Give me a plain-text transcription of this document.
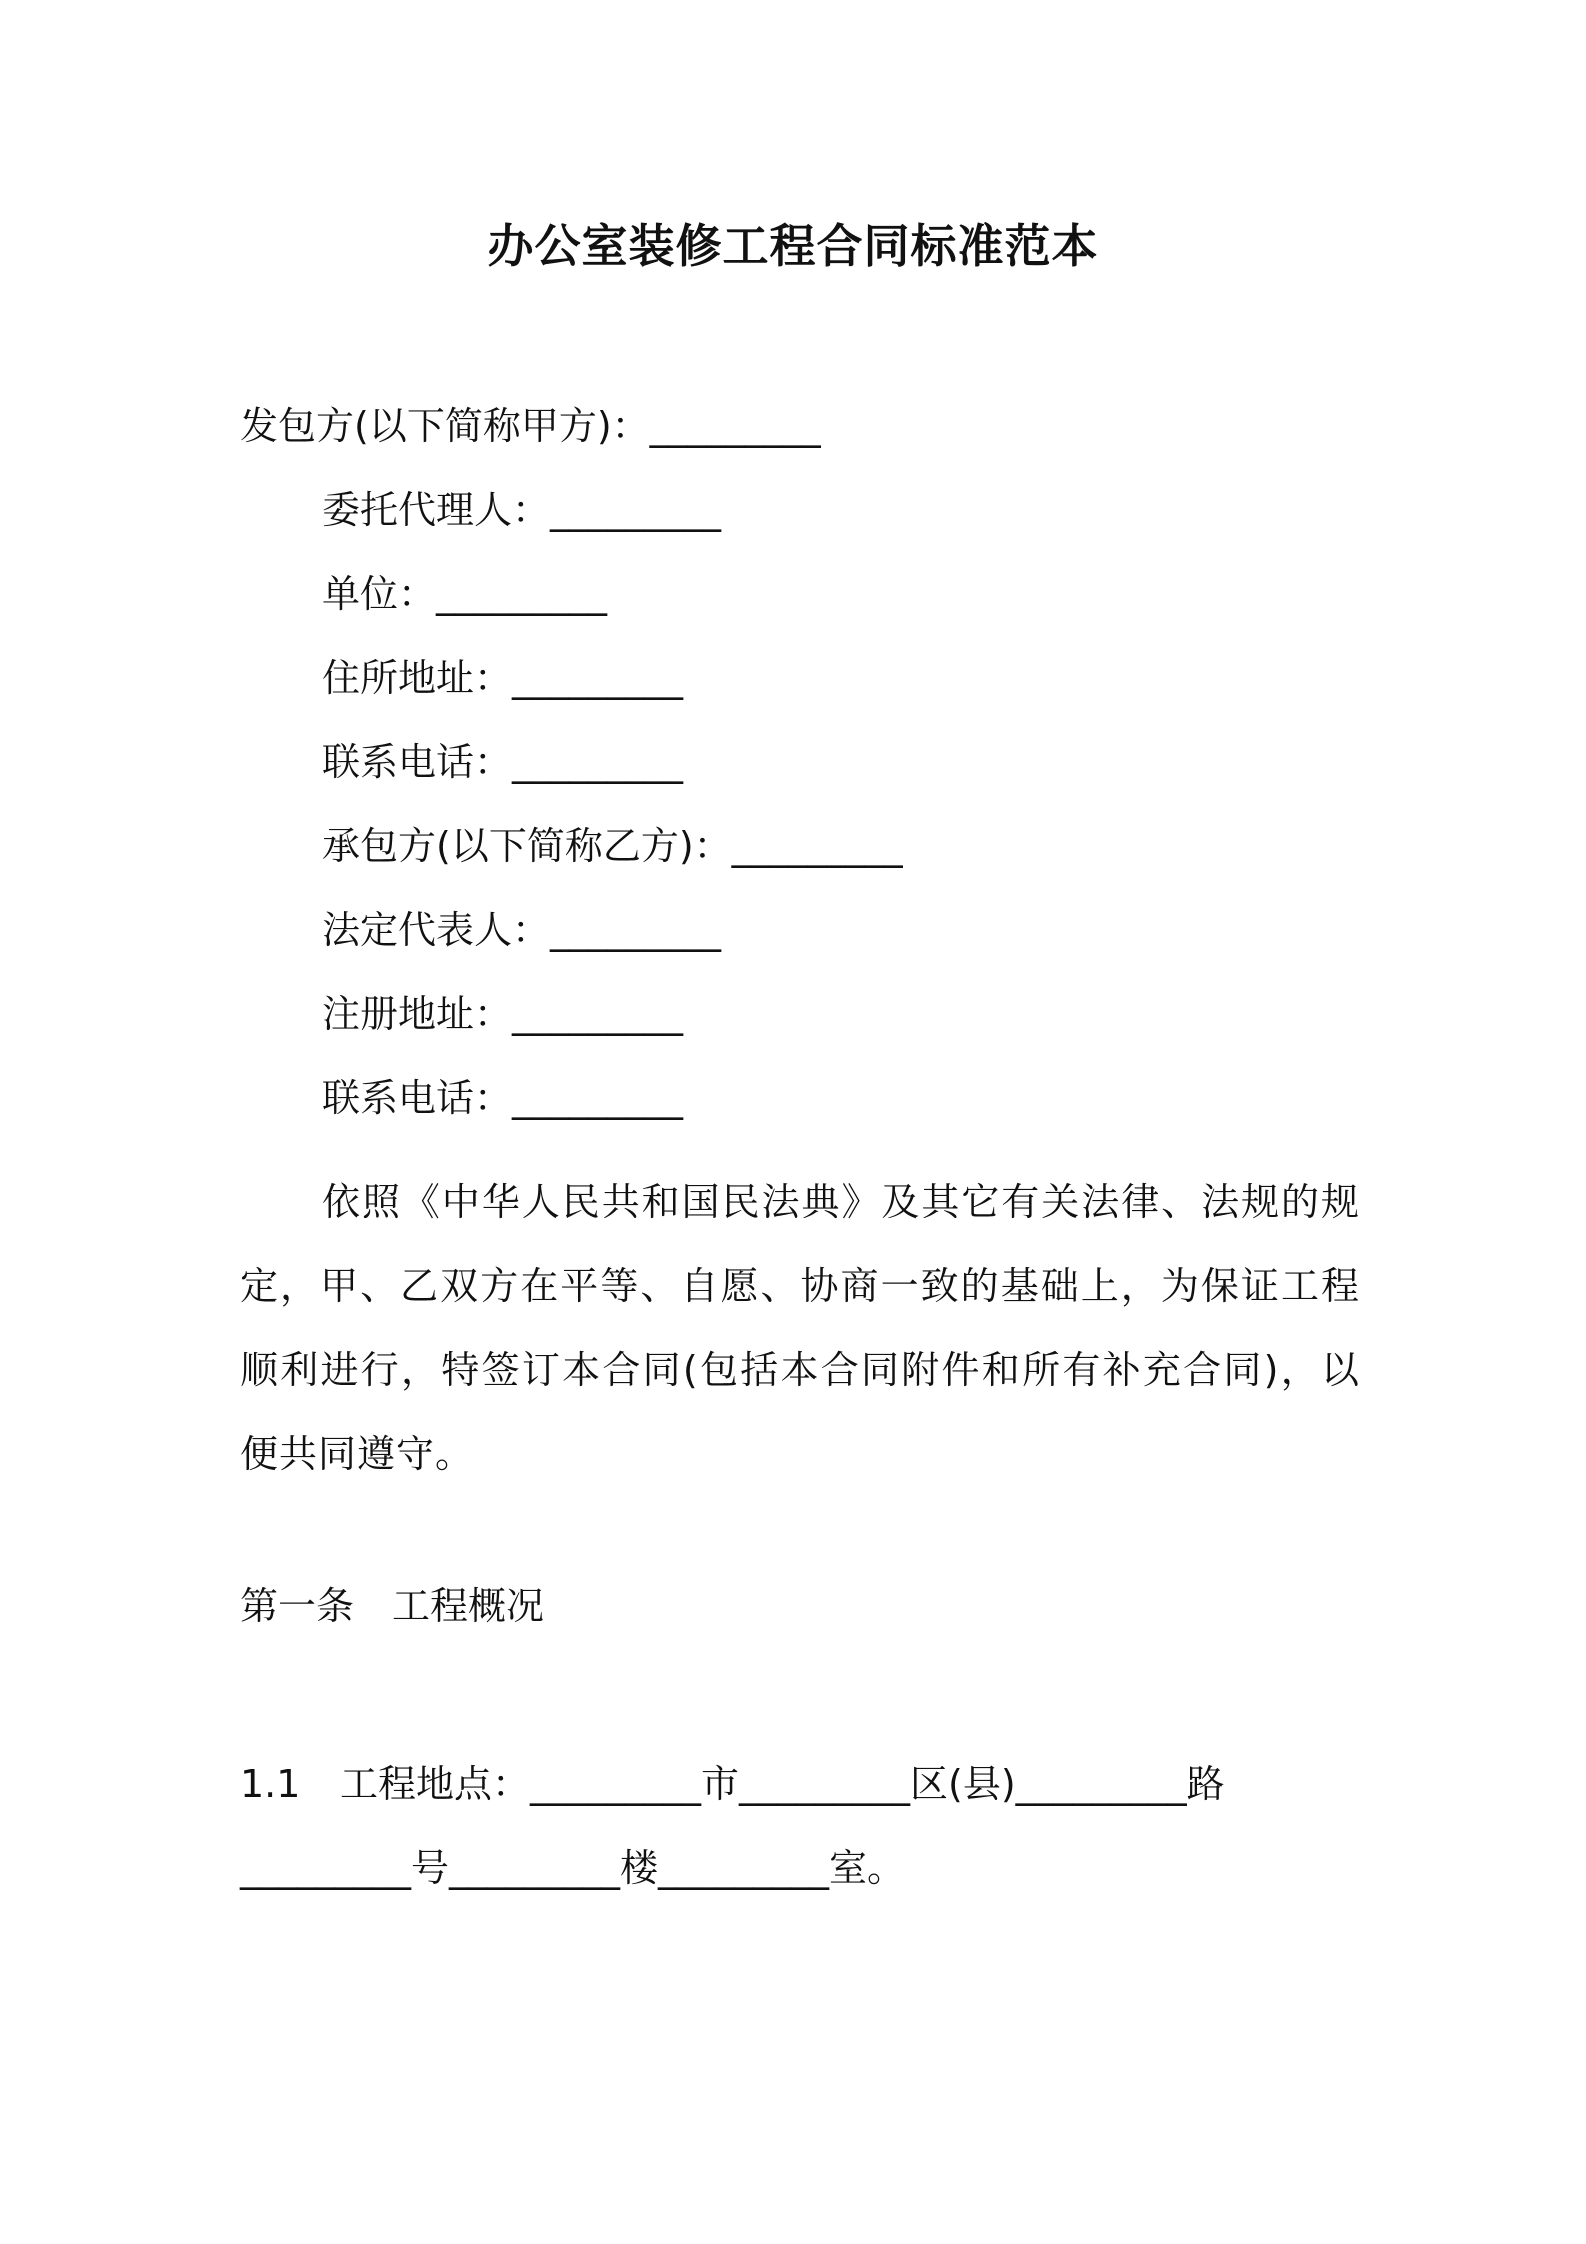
办公室装修工程合同标准范本
发包方(以下简称甲方)：_________
委托代理人：_________
单位：_________
住所地址：_________
联系电话：_________
承包方(以下简称乙方)：_________
法定代表人：_________
注册地址：_________
联系电话：_________
依照《中华人民共和国民法典》及其它有关法律、法规的规定，甲、乙双方在平等、自愿、协商一致的基础上，为保证工程顺利进行，特签订本合同(包括本合同附件和所有补充合同)，以便共同遵守。
第一条　工程概况
1.1 工程地点：_________市_________区(县)_________路_________号_________楼_________室。
